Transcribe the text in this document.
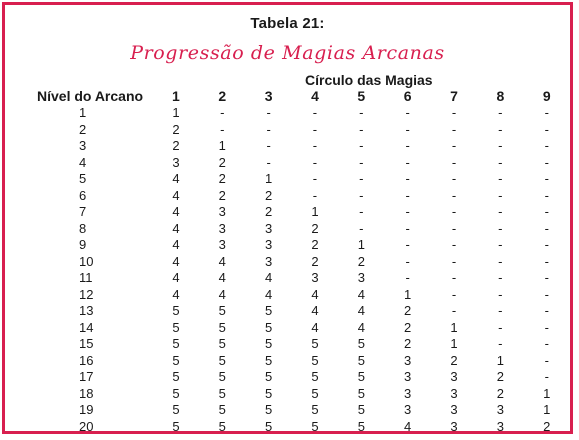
Tabela 21:
Progressão de Magias Arcanas
Círculo das Magias
Nível do Arcano	1	2	3	4	5	6	7	8	9
1	1	-	-	-	-	-	-	-	-
2	2	-	-	-	-	-	-	-	-
3	2	1	-	-	-	-	-	-	-
4	3	2	-	-	-	-	-	-	-
5	4	2	1	-	-	-	-	-	-
6	4	2	2	-	-	-	-	-	-
7	4	3	2	1	-	-	-	-	-
8	4	3	3	2	-	-	-	-	-
9	4	3	3	2	1	-	-	-	-
10	4	4	3	2	2	-	-	-	-
11	4	4	4	3	3	-	-	-	-
12	4	4	4	4	4	1	-	-	-
13	5	5	5	4	4	2	-	-	-
14	5	5	5	4	4	2	1	-	-
15	5	5	5	5	5	2	1	-	-
16	5	5	5	5	5	3	2	1	-
17	5	5	5	5	5	3	3	2	-
18	5	5	5	5	5	3	3	2	1
19	5	5	5	5	5	3	3	3	1
20	5	5	5	5	5	4	3	3	2
